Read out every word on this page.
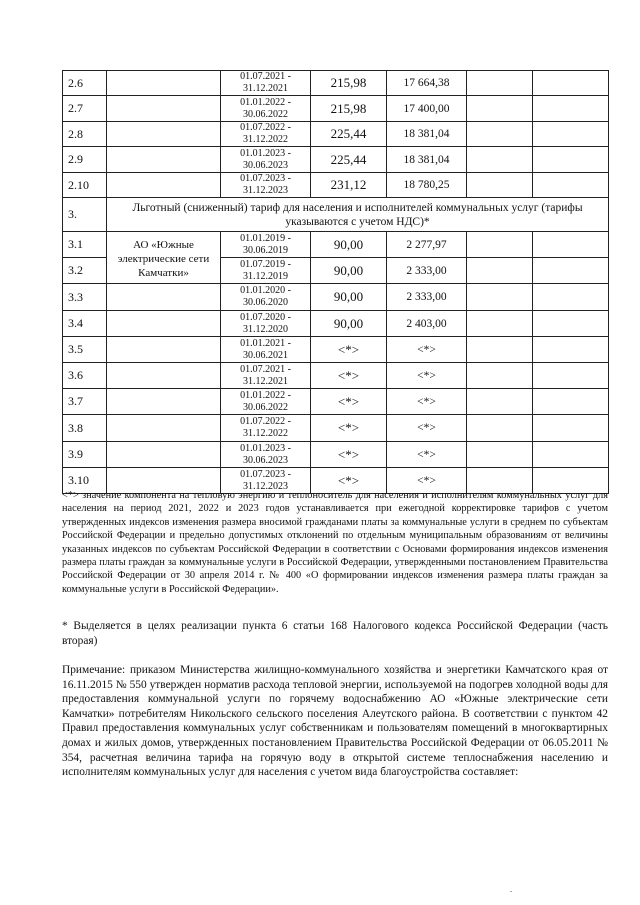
2.6		01.07.2021 -
31.12.2021	215,98	17 664,38		
2.7		01.01.2022 -
30.06.2022	215,98	17 400,00		
2.8		01.07.2022 -
31.12.2022	225,44	18 381,04		
2.9		01.01.2023 -
30.06.2023	225,44	18 381,04		
2.10		01.07.2023 -
31.12.2023	231,12	18 780,25		
3.	Льготный (сниженный) тариф для населения и исполнителей коммунальных услуг (тарифы указываются с учетом НДС)*					
3.1	АО «Южные электрические сети Камчатки»	01.01.2019 -
30.06.2019	90,00	2 277,97		
3.2		01.07.2019 -
31.12.2019	90,00	2 333,00		
3.3		01.01.2020 -
30.06.2020	90,00	2 333,00		
3.4		01.07.2020 -
31.12.2020	90,00	2 403,00		
3.5		01.01.2021 -
30.06.2021	<*>	<*>		
3.6		01.07.2021 -
31.12.2021	<*>	<*>		
3.7		01.01.2022 -
30.06.2022	<*>	<*>		
3.8		01.07.2022 -
31.12.2022	<*>	<*>		
3.9		01.01.2023 -
30.06.2023	<*>	<*>		
3.10		01.07.2023 -
31.12.2023	<*>	<*>		
<*> значение компонента на тепловую энергию и теплоноситель для населения и исполнителям коммунальных услуг для населения на период 2021, 2022 и 2023 годов устанавливается при ежегодной корректировке тарифов с учетом утвержденных индексов изменения размера вносимой гражданами платы за коммунальные услуги в среднем по субъектам Российской Федерации и предельно допустимых отклонений по отдельным муниципальным образованиям от величины указанных индексов по субъектам Российской Федерации в соответствии с Основами формирования индексов изменения размера платы граждан за коммунальные услуги в Российской Федерации, утвержденными постановлением Правительства Российской Федерации от 30 апреля 2014 г. № 400 «О формировании индексов изменения размера платы граждан за коммунальные услуги в Российской Федерации».
* Выделяется в целях реализации пункта 6 статьи 168 Налогового кодекса Российской Федерации (часть вторая)
Примечание: приказом Министерства жилищно-коммунального хозяйства и энергетики Камчатского края от 16.11.2015 № 550 утвержден норматив расхода тепловой энергии, используемой на подогрев холодной воды для предоставления коммунальной услуги по горячему водоснабжению АО «Южные электрические сети Камчатки» потребителям Никольского сельского поселения Алеутского района. В соответствии с пунктом 42 Правил предоставления коммунальных услуг собственникам и пользователям помещений в многоквартирных домах и жилых домов, утвержденных постановлением Правительства Российской Федерации от 06.05.2011 № 354, расчетная величина тарифа на горячую воду в открытой системе теплоснабжения населению и исполнителям коммунальных услуг для населения с учетом вида благоустройства составляет:
.
